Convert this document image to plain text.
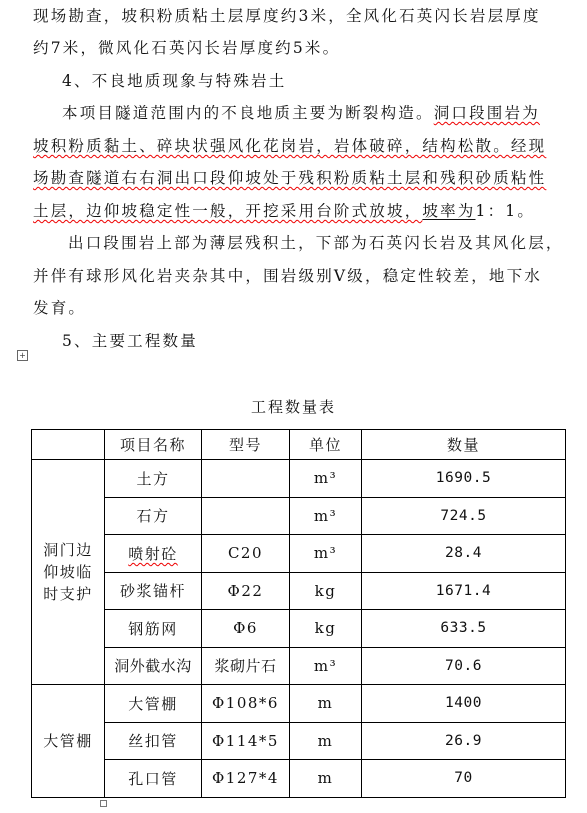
现场勘查，坡积粉质粘土层厚度约3米，全风化石英闪长岩层厚度
约7米，微风化石英闪长岩厚度约5米。
4、不良地质现象与特殊岩土
本项目隧道范围内的不良地质主要为断裂构造。洞口段围岩为
坡积粉质黏土、碎块状强风化花岗岩，岩体破碎，结构松散。经现
场勘查隧道右右洞出口段仰坡处于残积粉质粘土层和残积砂质粘性
土层，边仰坡稳定性一般，开挖采用台阶式放坡，坡率为1：1。
出口段围岩上部为薄层残积土，下部为石英闪长岩及其风化层，
并伴有球形风化岩夹杂其中，围岩级别Ⅴ级，稳定性较差，地下水
发育。
5、主要工程数量
+
工程数量表
	项目名称	型号	单位	数量
洞门边仰坡临时支护	土方		m³	1690.5
	石方		m³	724.5
	喷射砼	C20	m³	28.4
	砂浆锚杆	Φ22	kg	1671.4
	钢筋网	Φ6	kg	633.5
	洞外截水沟	浆砌片石	m³	70.6
大管棚	大管棚	Φ108*6	m	1400
	丝扣管	Φ114*5	m	26.9
	孔口管	Φ127*4	m	70
